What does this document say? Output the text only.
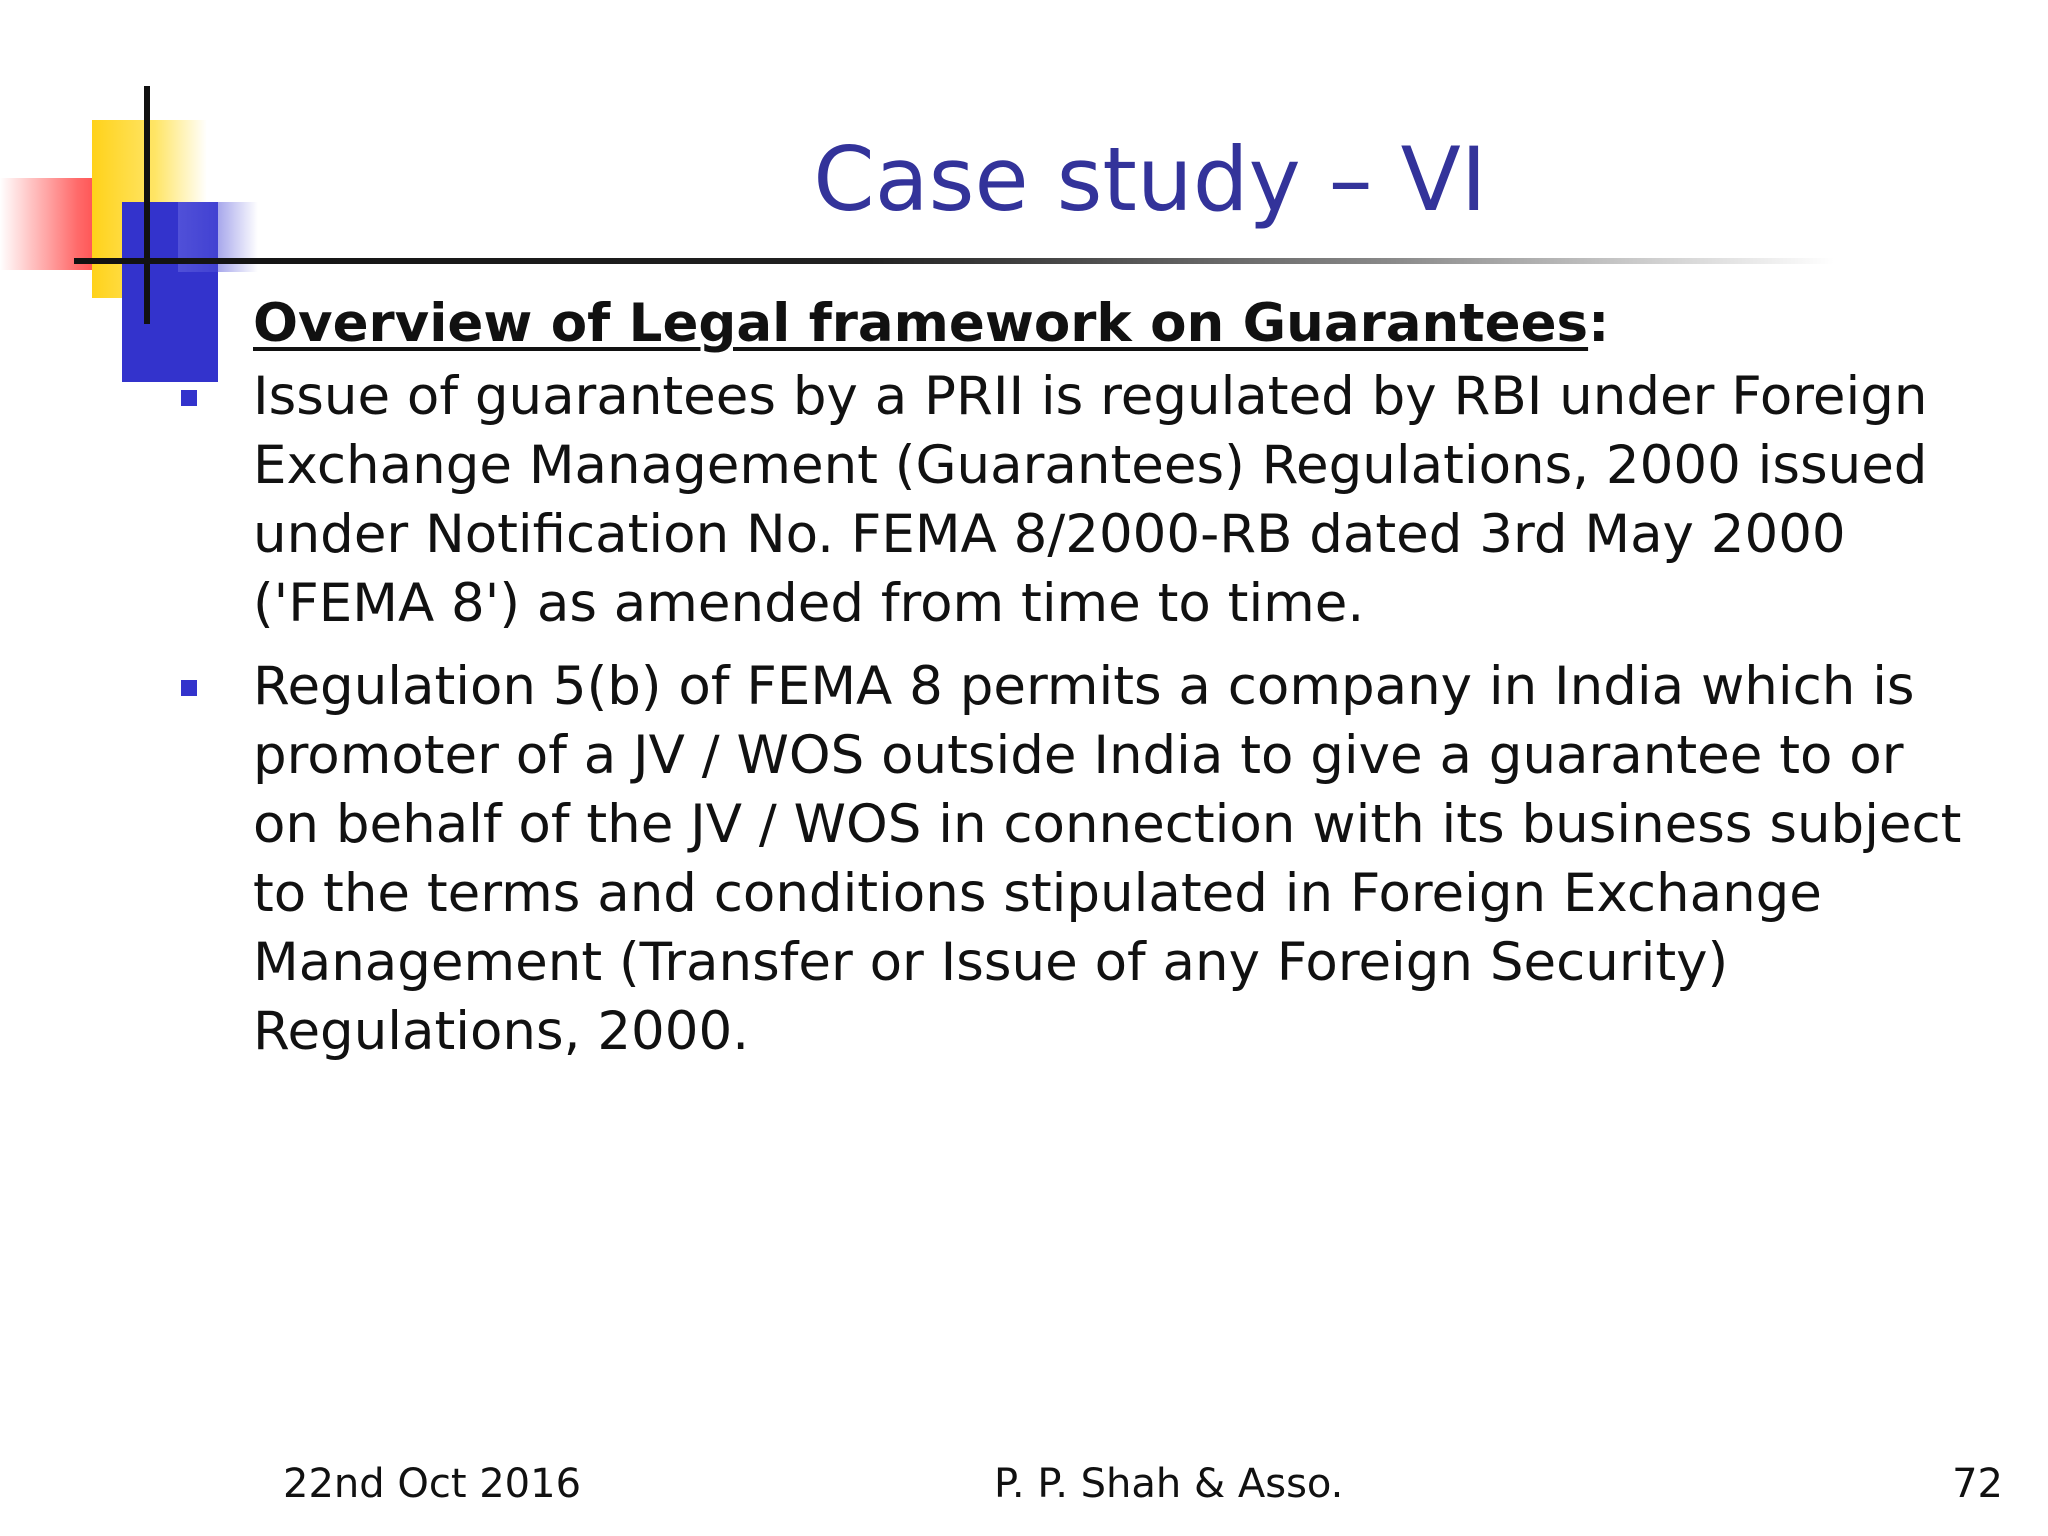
Case study – VI
Overview of Legal framework on Guarantees:
Issue of guarantees by a PRII is regulated by RBI under Foreign Exchange Management (Guarantees) Regulations, 2000 issued under Notification No. FEMA 8/2000-RB dated 3rd May 2000 ('FEMA 8') as amended from time to time.
Regulation 5(b) of FEMA 8 permits a company in India which is promoter of a JV / WOS outside India to give a guarantee to or on behalf of the JV / WOS in connection with its business subject to the terms and conditions stipulated in Foreign Exchange Management (Transfer or Issue of any Foreign Security) Regulations, 2000.
22nd Oct 2016	P. P. Shah & Asso.	72
